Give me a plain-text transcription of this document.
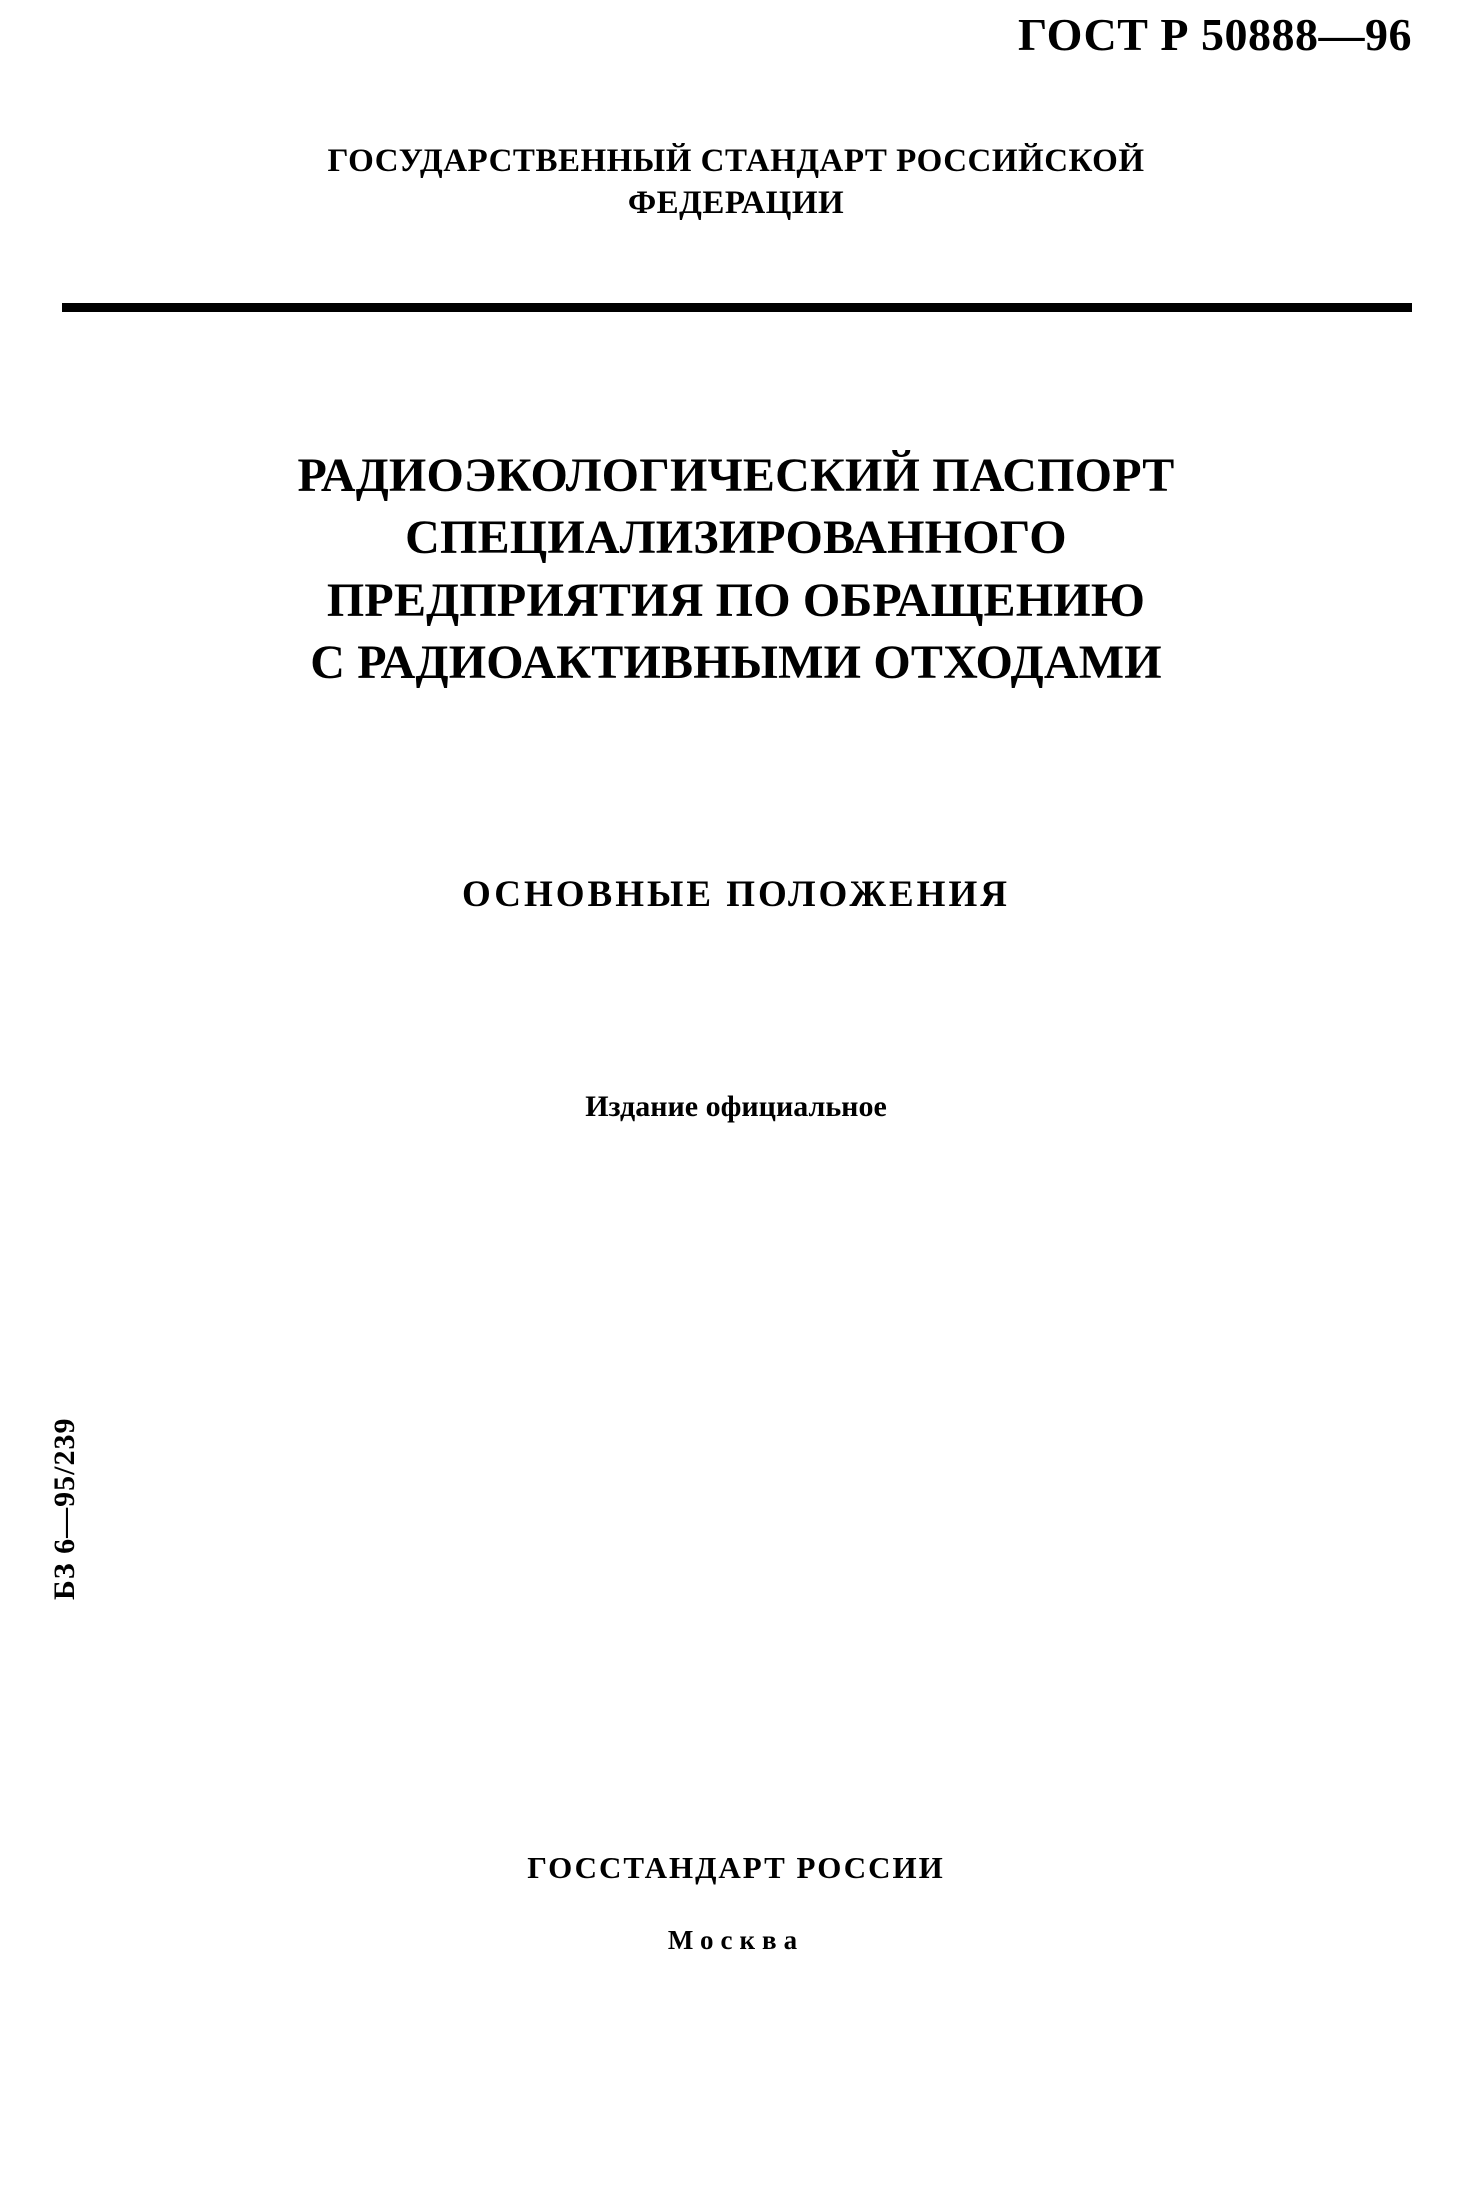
ГОСТ Р 50888—96
ГОСУДАРСТВЕННЫЙ СТАНДАРТ РОССИЙСКОЙ
ФЕДЕРАЦИИ
РАДИОЭКОЛОГИЧЕСКИЙ ПАСПОРТ
СПЕЦИАЛИЗИРОВАННОГО
ПРЕДПРИЯТИЯ ПО ОБРАЩЕНИЮ
С РАДИОАКТИВНЫМИ ОТХОДАМИ
ОСНОВНЫЕ ПОЛОЖЕНИЯ
Издание официальное
БЗ 6—95/239
ГОССТАНДАРТ РОССИИ
Москва
